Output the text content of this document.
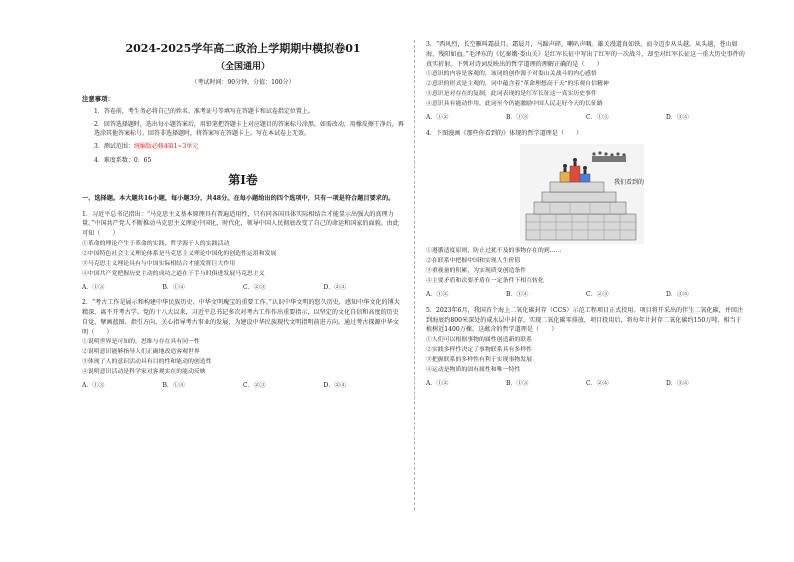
2024-2025学年高二政治上学期期中模拟卷01
（全国通用）
（考试时间：90分钟，分值：100分）
注意事项：

1．答卷前，考生务必将自己的姓名、准考证号等填写在答题卡和试卷指定位置上。

2．回答选择题时，选出每小题答案后，用铅笔把答题卡上对应题目的答案标号涂黑。如需改动，用橡皮擦干净后，再选涂其他答案标号。回答非选择题时，将答案写在答题卡上。写在本试卷上无效。

3．测试范围：统编版必修4第1~3单元

4．难度系数：0．65

第Ⅰ卷
一、选择题。本大题共16小题，每小题3分，共48分。在每小题给出的四个选项中，只有一项是符合题目要求的。
1．习近平总书记指出：“马克思主义基本原理具有普遍适用性，只有同各国具体实际相结合才能显示出强大的真理力量。”中国共产党人不断推动马克思主义理论中国化、时代化，领导中国人民彻底改变了自己的命运和国家的面貌。由此可知（　　）
①革命的理论产生于革命的实践，哲学源于人的实践活动
②中国特色社会主义理论体系是马克思主义理论中国化的创造性运用和发展
③马克思主义理论具有与中国实际相结合才能发挥巨大作用
④中国共产党把握历史主动的成功之道在于手与时俱进发展马克思主义
A．①③	B．①④	C．②③	D．②④
2．“考古工作是展示和构建中华民族历史、中华文明瑰宝的重要工作。”认识中华文明的悠久历史，感知中华文化的博大精深，离不开考古学。党的十八大以来，习近平总书记多次对考古工作作出重要指示，以坚定的文化自信和高度的历史自觉，擘画蓝图、指引方向，关心指导考古事业的发展，为建设中华民族现代文明指明前进方向。通过考古探源中华文明（　　）
①说明世界是可知的，思维与存在具有同一性
②说明意识能够指导人们正确地改造客观世界
③体现了人的意识活动具有目的性和能动的创造性
④说明意识活动是科学家对客观实在的能动反映
A．①③	B．①④	C．②③	D．②④
3．“西风烈，长空雁叫霜晨月。霜晨月，马蹄声碎，喇叭声咽。雄关漫道真如铁，而今迈步从头越。从头越，苍山如海，残阳如血。”毛泽东的《忆秦娥·娄山关》是红军长征中写出了红军的一次战斗，却至对红军长征这一重大历史事件的真实折射。下列对诗词反映出的哲学道理的理解正确的是（　　）
①意识的内容是客观的，该词的创作源于对娄山关战斗的内心感悟
②意识的形式是主观的，词中蕴含着“革命理想高于天”的乐观自信精神
③意识是对存在的复制，此词表现的是红军长征这一真实历史事件
④意识具有能动作用，此词至今仍能激励中国人民走好今天的长征路
A．①②	B．①③	C．①③	D．③④
4．下图漫画《那些你看到的》体现的哲学道理是（　　）
我们看到的
①遵循适度原则，防止过犹不及的事物存在的到……
②在联系中把握中国和实现人生价值
③重视量的积累，为实现质变创造条件
④主要矛盾和次要矛盾在一定条件下相互转化
A．①②	B．①④	C．②③	D．③④
5．2023年6月，我国首个海上二氧化碳封存（CCS）示范工程项目正式投用。项目将开采出的伴生二氧化碳，并回注到海底约800米深处的咸水层中封存，实现二氧化碳零排放，项目投用后，将每年计封存二氧化碳约150万吨，相当于植树近1400万棵。这蕴含的哲学道理是（　　）
①人们可以根据事物的属性创造新的联系
②实践多样性决定了事物联系具有多样性
③把握联系的多样性有利于实现事物发展
④运动是物质的固有属性和唯一特性
A．①②	B．①③	C．②④	D．③④
